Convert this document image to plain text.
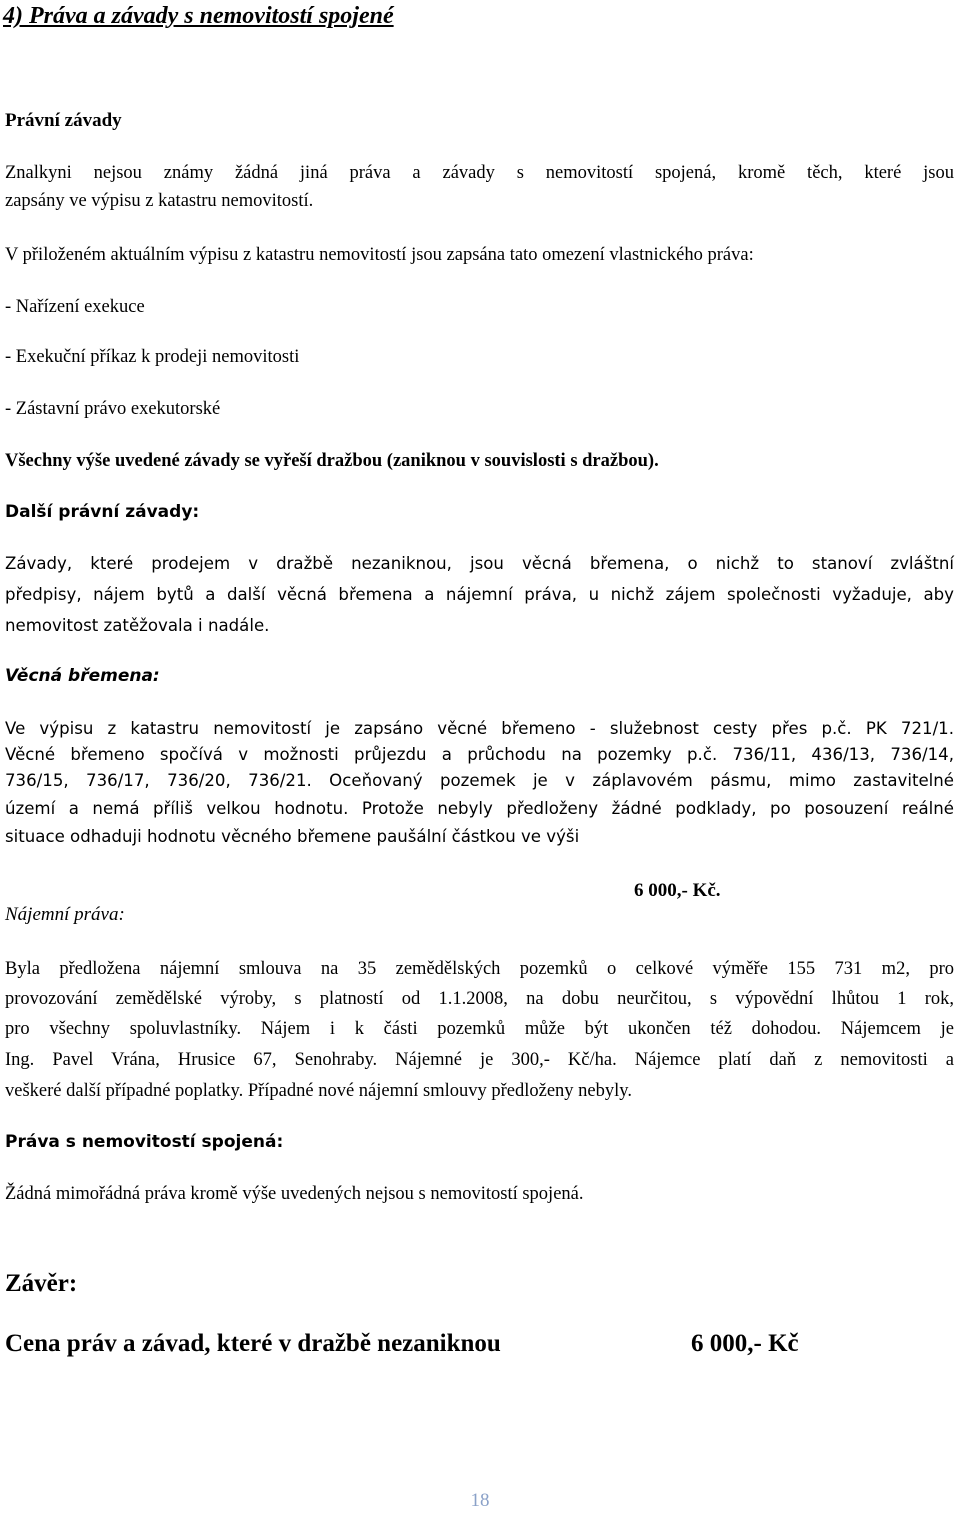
4) Práva a závady s nemovitostí spojené
Právní závady

Znalkyni nejsou známy žádná jiná práva a závady s nemovitostí spojená, kromě těch, které jsou

zapsány ve výpisu z katastru nemovitostí.

V přiloženém aktuálním výpisu z katastru nemovitostí jsou zapsána tato omezení vlastnického práva:

- Nařízení exekuce

- Exekuční příkaz k prodeji nemovitosti

- Zástavní právo exekutorské

Všechny výše uvedené závady se vyřeší dražbou (zaniknou v souvislosti s dražbou).

Další právní závady:

Závady, které prodejem v dražbě nezaniknou, jsou věcná břemena, o nichž to stanoví zvláštní

předpisy, nájem bytů a další věcná břemena a nájemní práva, u nichž zájem společnosti vyžaduje, aby

nemovitost zatěžovala i nadále.

Věcná břemena:

Ve výpisu z katastru nemovitostí je zapsáno věcné břemeno - služebnost cesty přes p.č. PK 721/1.

Věcné břemeno spočívá v možnosti průjezdu a průchodu na pozemky p.č. 736/11, 436/13, 736/14,

736/15, 736/17, 736/20, 736/21. Oceňovaný pozemek je v záplavovém pásmu, mimo zastavitelné

území a nemá příliš velkou hodnotu. Protože nebyly předloženy žádné podklady, po posouzení reálné

situace odhaduji hodnotu věcného břemene paušální částkou ve výši

6 000,- Kč.

Nájemní práva:

Byla předložena nájemní smlouva na 35 zemědělských pozemků o celkové výměře 155 731 m2, pro

provozování zemědělské výroby, s platností od 1.1.2008, na dobu neurčitou, s výpovědní lhůtou 1 rok,

pro všechny spoluvlastníky. Nájem i k části pozemků může být ukončen též dohodou. Nájemcem je

Ing. Pavel Vrána, Hrusice 67, Senohraby. Nájemné je 300,- Kč/ha. Nájemce platí daň z nemovitosti a

veškeré další případné poplatky. Případné nové nájemní smlouvy předloženy nebyly.

Práva s nemovitostí spojená:

Žádná mimořádná práva kromě výše uvedených nejsou s nemovitostí spojená.

Závěr:
Cena práv a závad, které v dražbě nezaniknou	6 000,- Kč
18
